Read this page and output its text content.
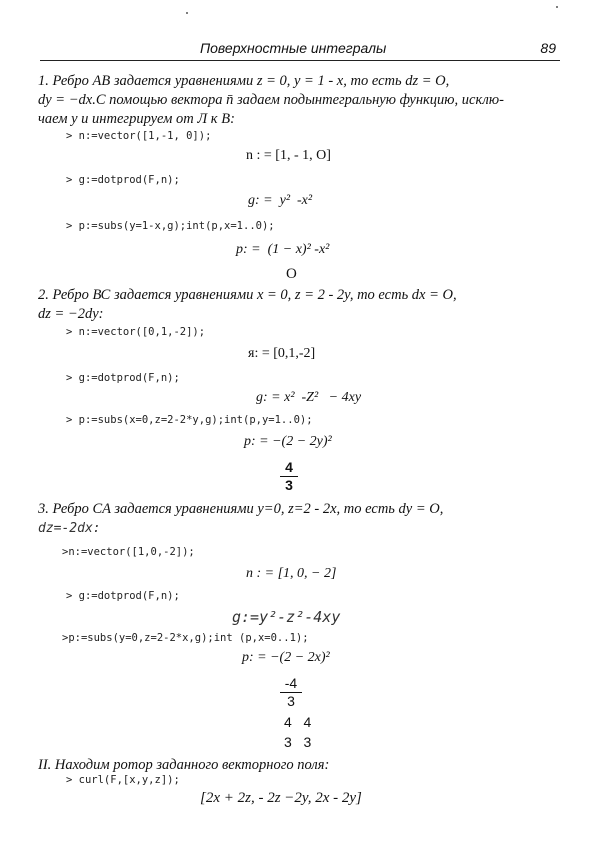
Поверхностные интегралы	89
1. Ребро AB задается уравнениями z = 0, y = 1 - x, то есть dz = O,
dy = −dx.С помощью вектора n̄ задаем подынтегральную функцию, исклю-
чаем у и интегрируем от Л к В:
> n:=vector([1,-1, 0]);
n : = [1, - 1, O]
> g:=dotprod(F,n);
g: =  y²  -x²
> p:=subs(y=1-x,g);int(p,x=1..0);
p: =  (1 − x)² -x²
O
2. Ребро ВС задается уравнениями x = 0, z = 2 - 2y, то есть dx = O,
dz = −2dy:
> n:=vector([0,1,-2]);
я: = [0,1,-2]
> g:=dotprod(F,n);
g: = x²  -Z²   − 4xy
> p:=subs(x=0,z=2-2*y,g);int(p,y=1..0);
p: = −(2 − 2y)²
4
3
3. Ребро CA задается уравнениями у=0, z=2 - 2x, то есть dy = O,
dz=-2dx:
>n:=vector([1,0,-2]);
n : = [1, 0, − 2]
> g:=dotprod(F,n);
g:=y²-z²-4xy
>p:=subs(y=0,z=2-2*x,g);int (p,x=0..1);
p: = −(2 − 2x)²
-4
3
4   4
3   3
II. Находим ротор заданного векторного поля:
> curl(F,[x,y,z]);
[2x + 2z, - 2z −2y, 2x - 2y]
